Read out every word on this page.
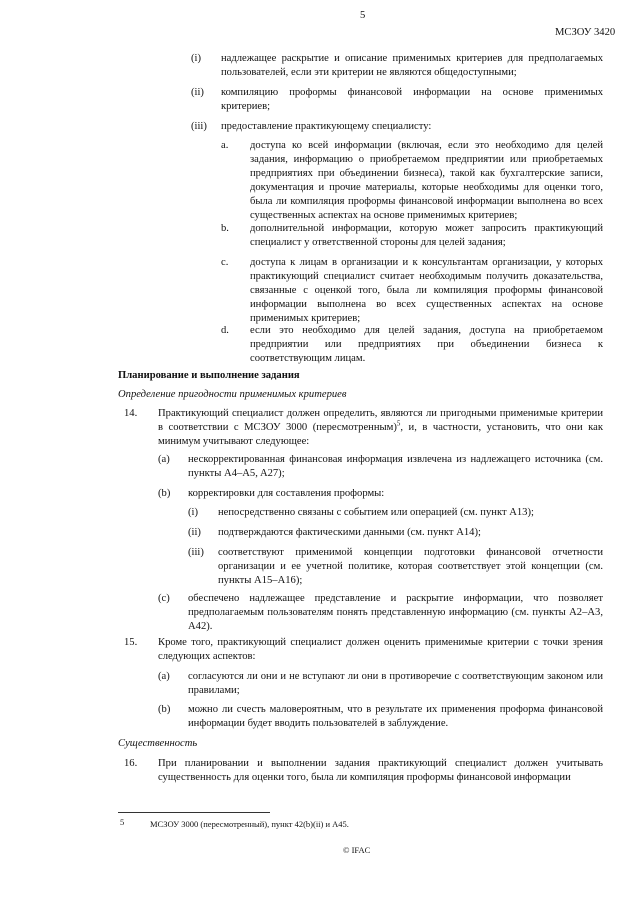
5
МСЗОУ 3420
(i) надлежащее раскрытие и описание применимых критериев для предполагаемых пользователей, если эти критерии не являются общедоступными;
(ii) компиляцию проформы финансовой информации на основе применимых критериев;
(iii) предоставление практикующему специалисту:
a. доступа ко всей информации (включая, если это необходимо для целей задания, информацию о приобретаемом предприятии или приобретаемых предприятиях при объединении бизнеса), такой как бухгалтерские записи, документация и прочие материалы, которые необходимы для оценки того, была ли компиляция проформы финансовой информации выполнена во всех существенных аспектах на основе применимых критериев;
b. дополнительной информации, которую может запросить практикующий специалист у ответственной стороны для целей задания;
c. доступа к лицам в организации и к консультантам организации, у которых практикующий специалист считает необходимым получить доказательства, связанные с оценкой того, была ли компиляция проформы финансовой информации выполнена во всех существенных аспектах на основе применимых критериев;
d. если это необходимо для целей задания, доступа на приобретаемом предприятии или предприятиях при объединении бизнеса к соответствующим лицам.
Планирование и выполнение задания
Определение пригодности применимых критериев
14. Практикующий специалист должен определить, являются ли пригодными применимые критерии в соответствии с МСЗОУ 3000 (пересмотренным)$^5$, и, в частности, установить, что они как минимум учитывают следующее:
(a) нескорректированная финансовая информация извлечена из надлежащего источника (см. пункты A4–A5, A27);
(b) корректировки для составления проформы:
(i) непосредственно связаны с событием или операцией (см. пункт A13);
(ii) подтверждаются фактическими данными (см. пункт A14);
(iii) соответствуют применимой концепции подготовки финансовой отчетности организации и ее учетной политике, которая соответствует этой концепции (см. пункты A15–A16);
(c) обеспечено надлежащее представление и раскрытие информации, что позволяет предполагаемым пользователям понять представленную информацию (см. пункты A2–A3, A42).
15. Кроме того, практикующий специалист должен оценить применимые критерии с точки зрения следующих аспектов:
(a) согласуются ли они и не вступают ли они в противоречие с соответствующим законом или правилами;
(b) можно ли счесть маловероятным, что в результате их применения проформа финансовой информации будет вводить пользователей в заблуждение.
Существенность
16. При планировании и выполнении задания практикующий специалист должен учитывать существенность для оценки того, была ли компиляция проформы финансовой информации
5	МСЗОУ 3000 (пересмотренный), пункт 42(b)(ii) и A45.
© IFAC
